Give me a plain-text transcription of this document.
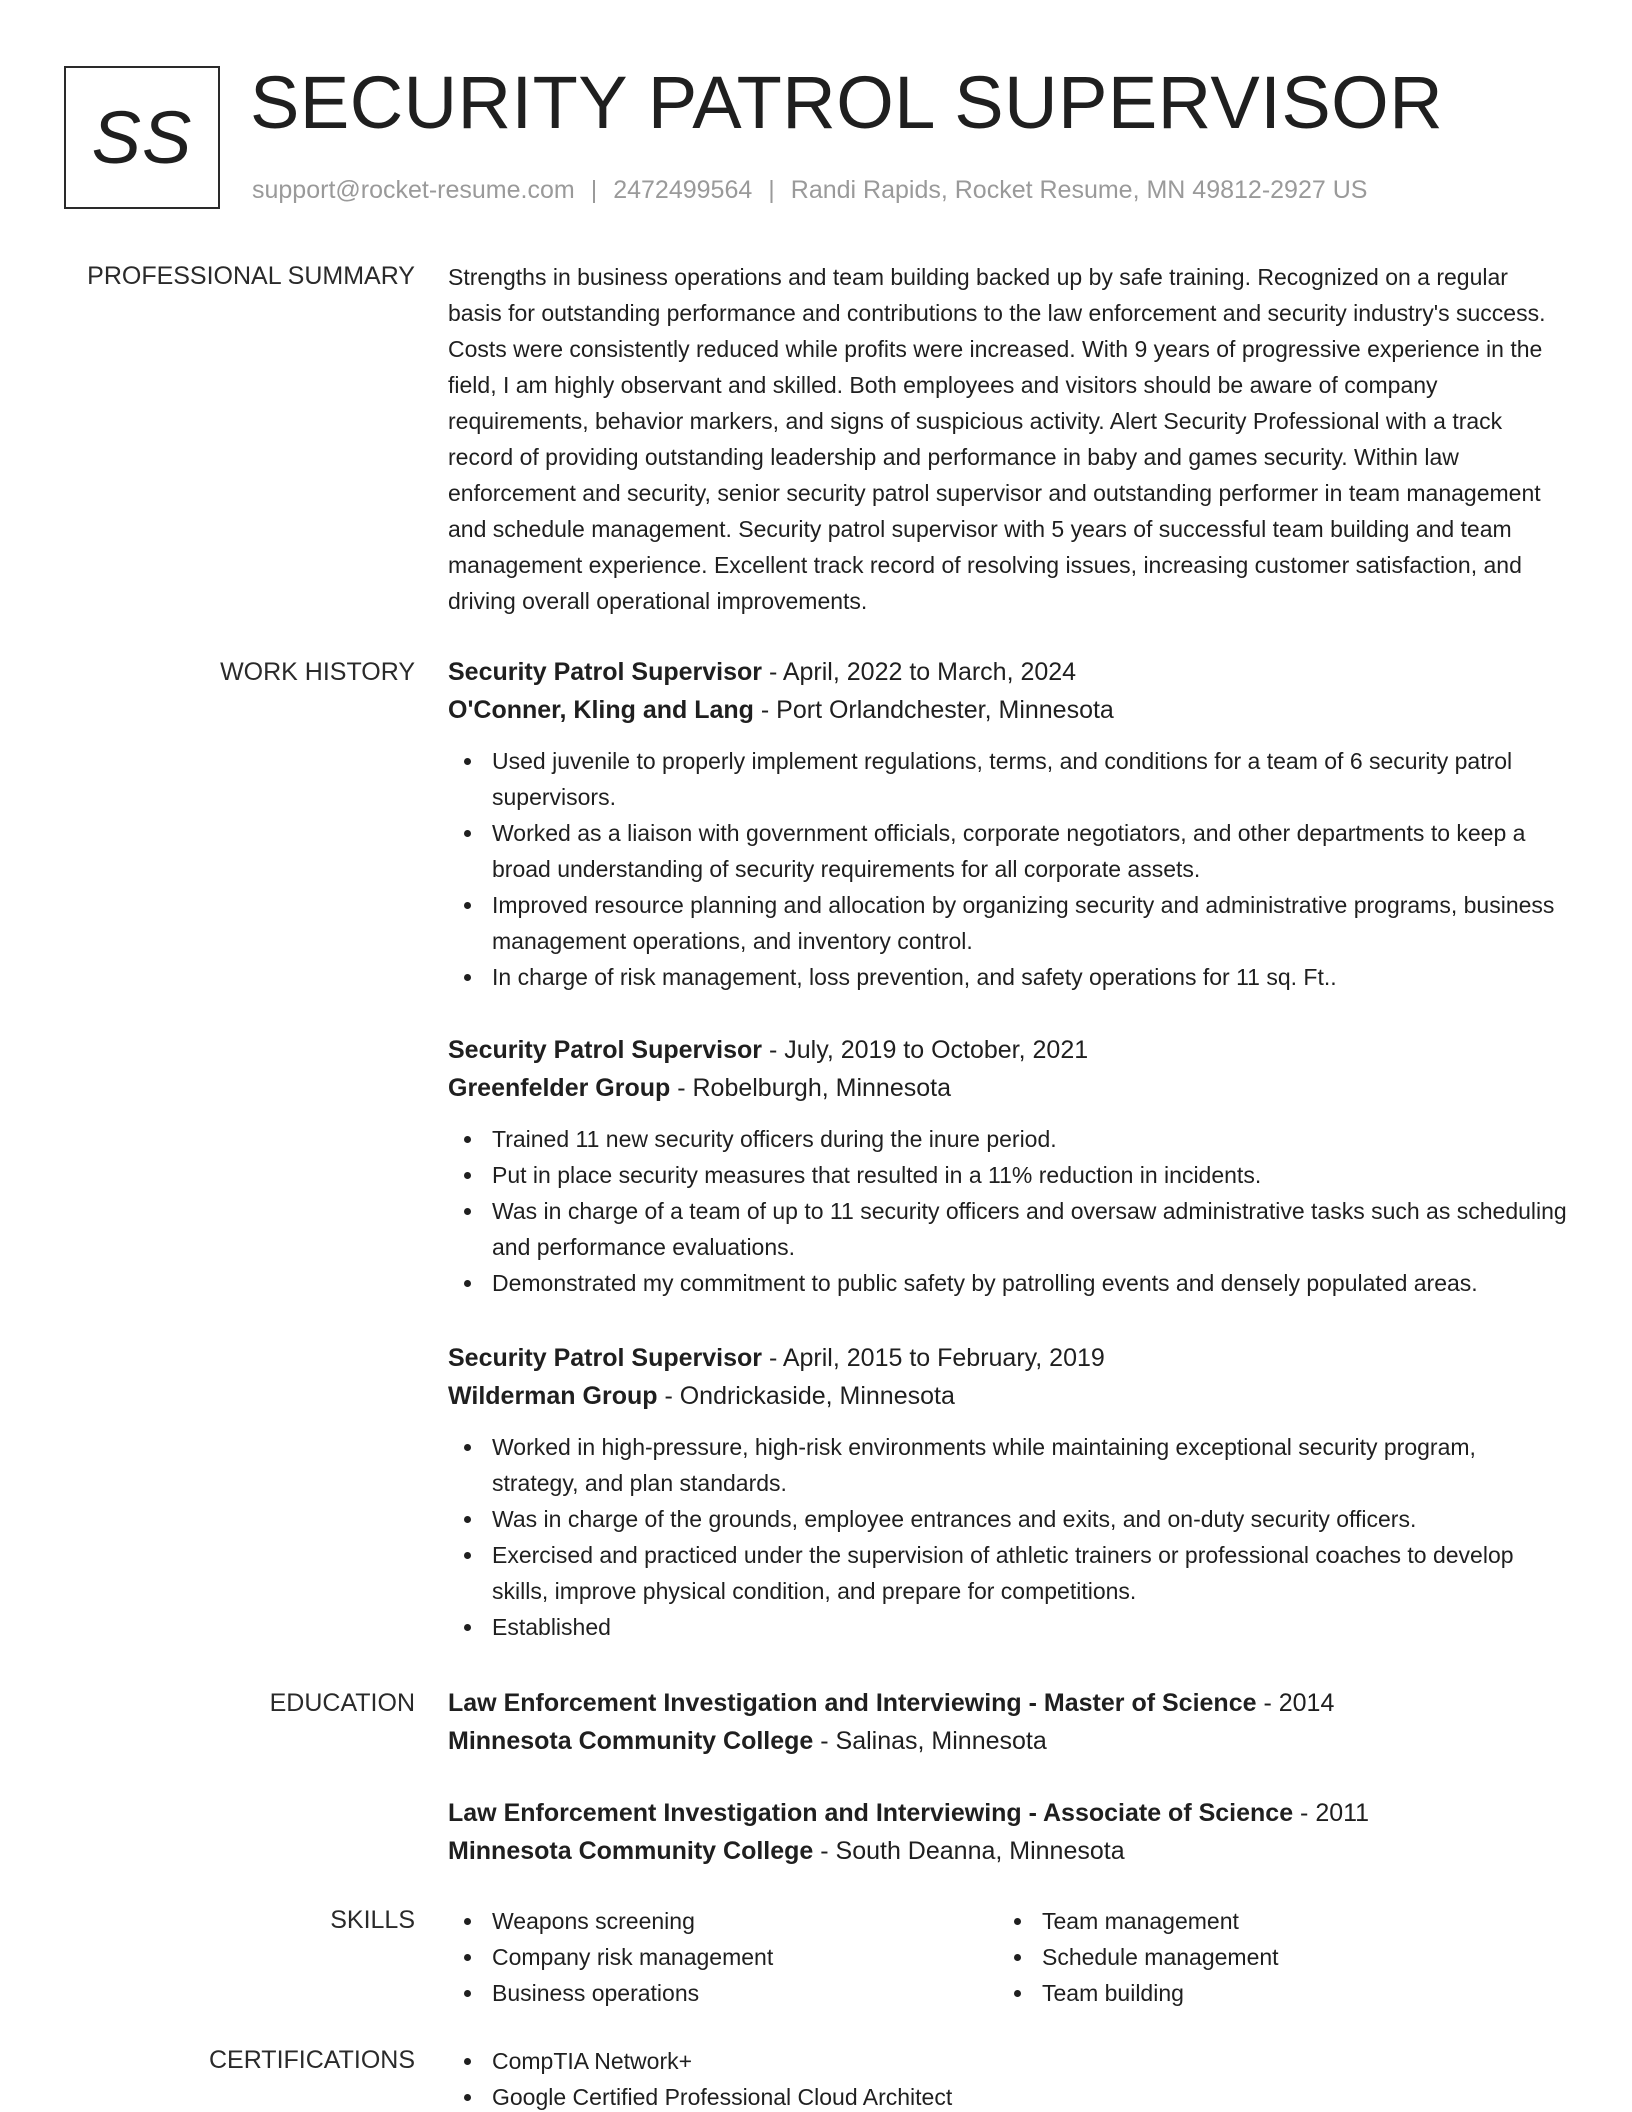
SS SECURITY PATROL SUPERVISOR
support@rocket-resume.com | 2472499564 | Randi Rapids, Rocket Resume, MN 49812-2927 US
PROFESSIONAL SUMMARY Strengths in business operations and team building backed up by safe training. Recognized on a regular basis for outstanding performance and contributions to the law enforcement and security industry's success. Costs were consistently reduced while profits were increased. With 9 years of progressive experience in the field, I am highly observant and skilled. Both employees and visitors should be aware of company requirements, behavior markers, and signs of suspicious activity. Alert Security Professional with a track record of providing outstanding leadership and performance in baby and games security. Within law enforcement and security, senior security patrol supervisor and outstanding performer in team management and schedule management. Security patrol supervisor with 5 years of successful team building and team management experience. Excellent track record of resolving issues, increasing customer satisfaction, and driving overall operational improvements.

WORK HISTORY Security Patrol Supervisor - April, 2022 to March, 2024
O'Conner, Kling and Lang - Port Orlandchester, Minnesota
Used juvenile to properly implement regulations, terms, and conditions for a team of 6 security patrol supervisors.
Worked as a liaison with government officials, corporate negotiators, and other departments to keep a broad understanding of security requirements for all corporate assets.
Improved resource planning and allocation by organizing security and administrative programs, business management operations, and inventory control.
In charge of risk management, loss prevention, and safety operations for 11 sq. Ft..
Security Patrol Supervisor - July, 2019 to October, 2021
Greenfelder Group - Robelburgh, Minnesota
Trained 11 new security officers during the inure period.
Put in place security measures that resulted in a 11% reduction in incidents.
Was in charge of a team of up to 11 security officers and oversaw administrative tasks such as scheduling and performance evaluations.
Demonstrated my commitment to public safety by patrolling events and densely populated areas.
Security Patrol Supervisor - April, 2015 to February, 2019
Wilderman Group - Ondrickaside, Minnesota
Worked in high-pressure, high-risk environments while maintaining exceptional security program, strategy, and plan standards.
Was in charge of the grounds, employee entrances and exits, and on-duty security officers.
Exercised and practiced under the supervision of athletic trainers or professional coaches to develop skills, improve physical condition, and prepare for competitions.
Established
EDUCATION Law Enforcement Investigation and Interviewing - Master of Science - 2014
Minnesota Community College - Salinas, Minnesota
Law Enforcement Investigation and Interviewing - Associate of Science - 2011
Minnesota Community College - South Deanna, Minnesota
SKILLS	Weapons screening
Company risk management
Business operations
Team management
Schedule management
Team building
CERTIFICATIONS	CompTIA Network+
Google Certified Professional Cloud Architect
